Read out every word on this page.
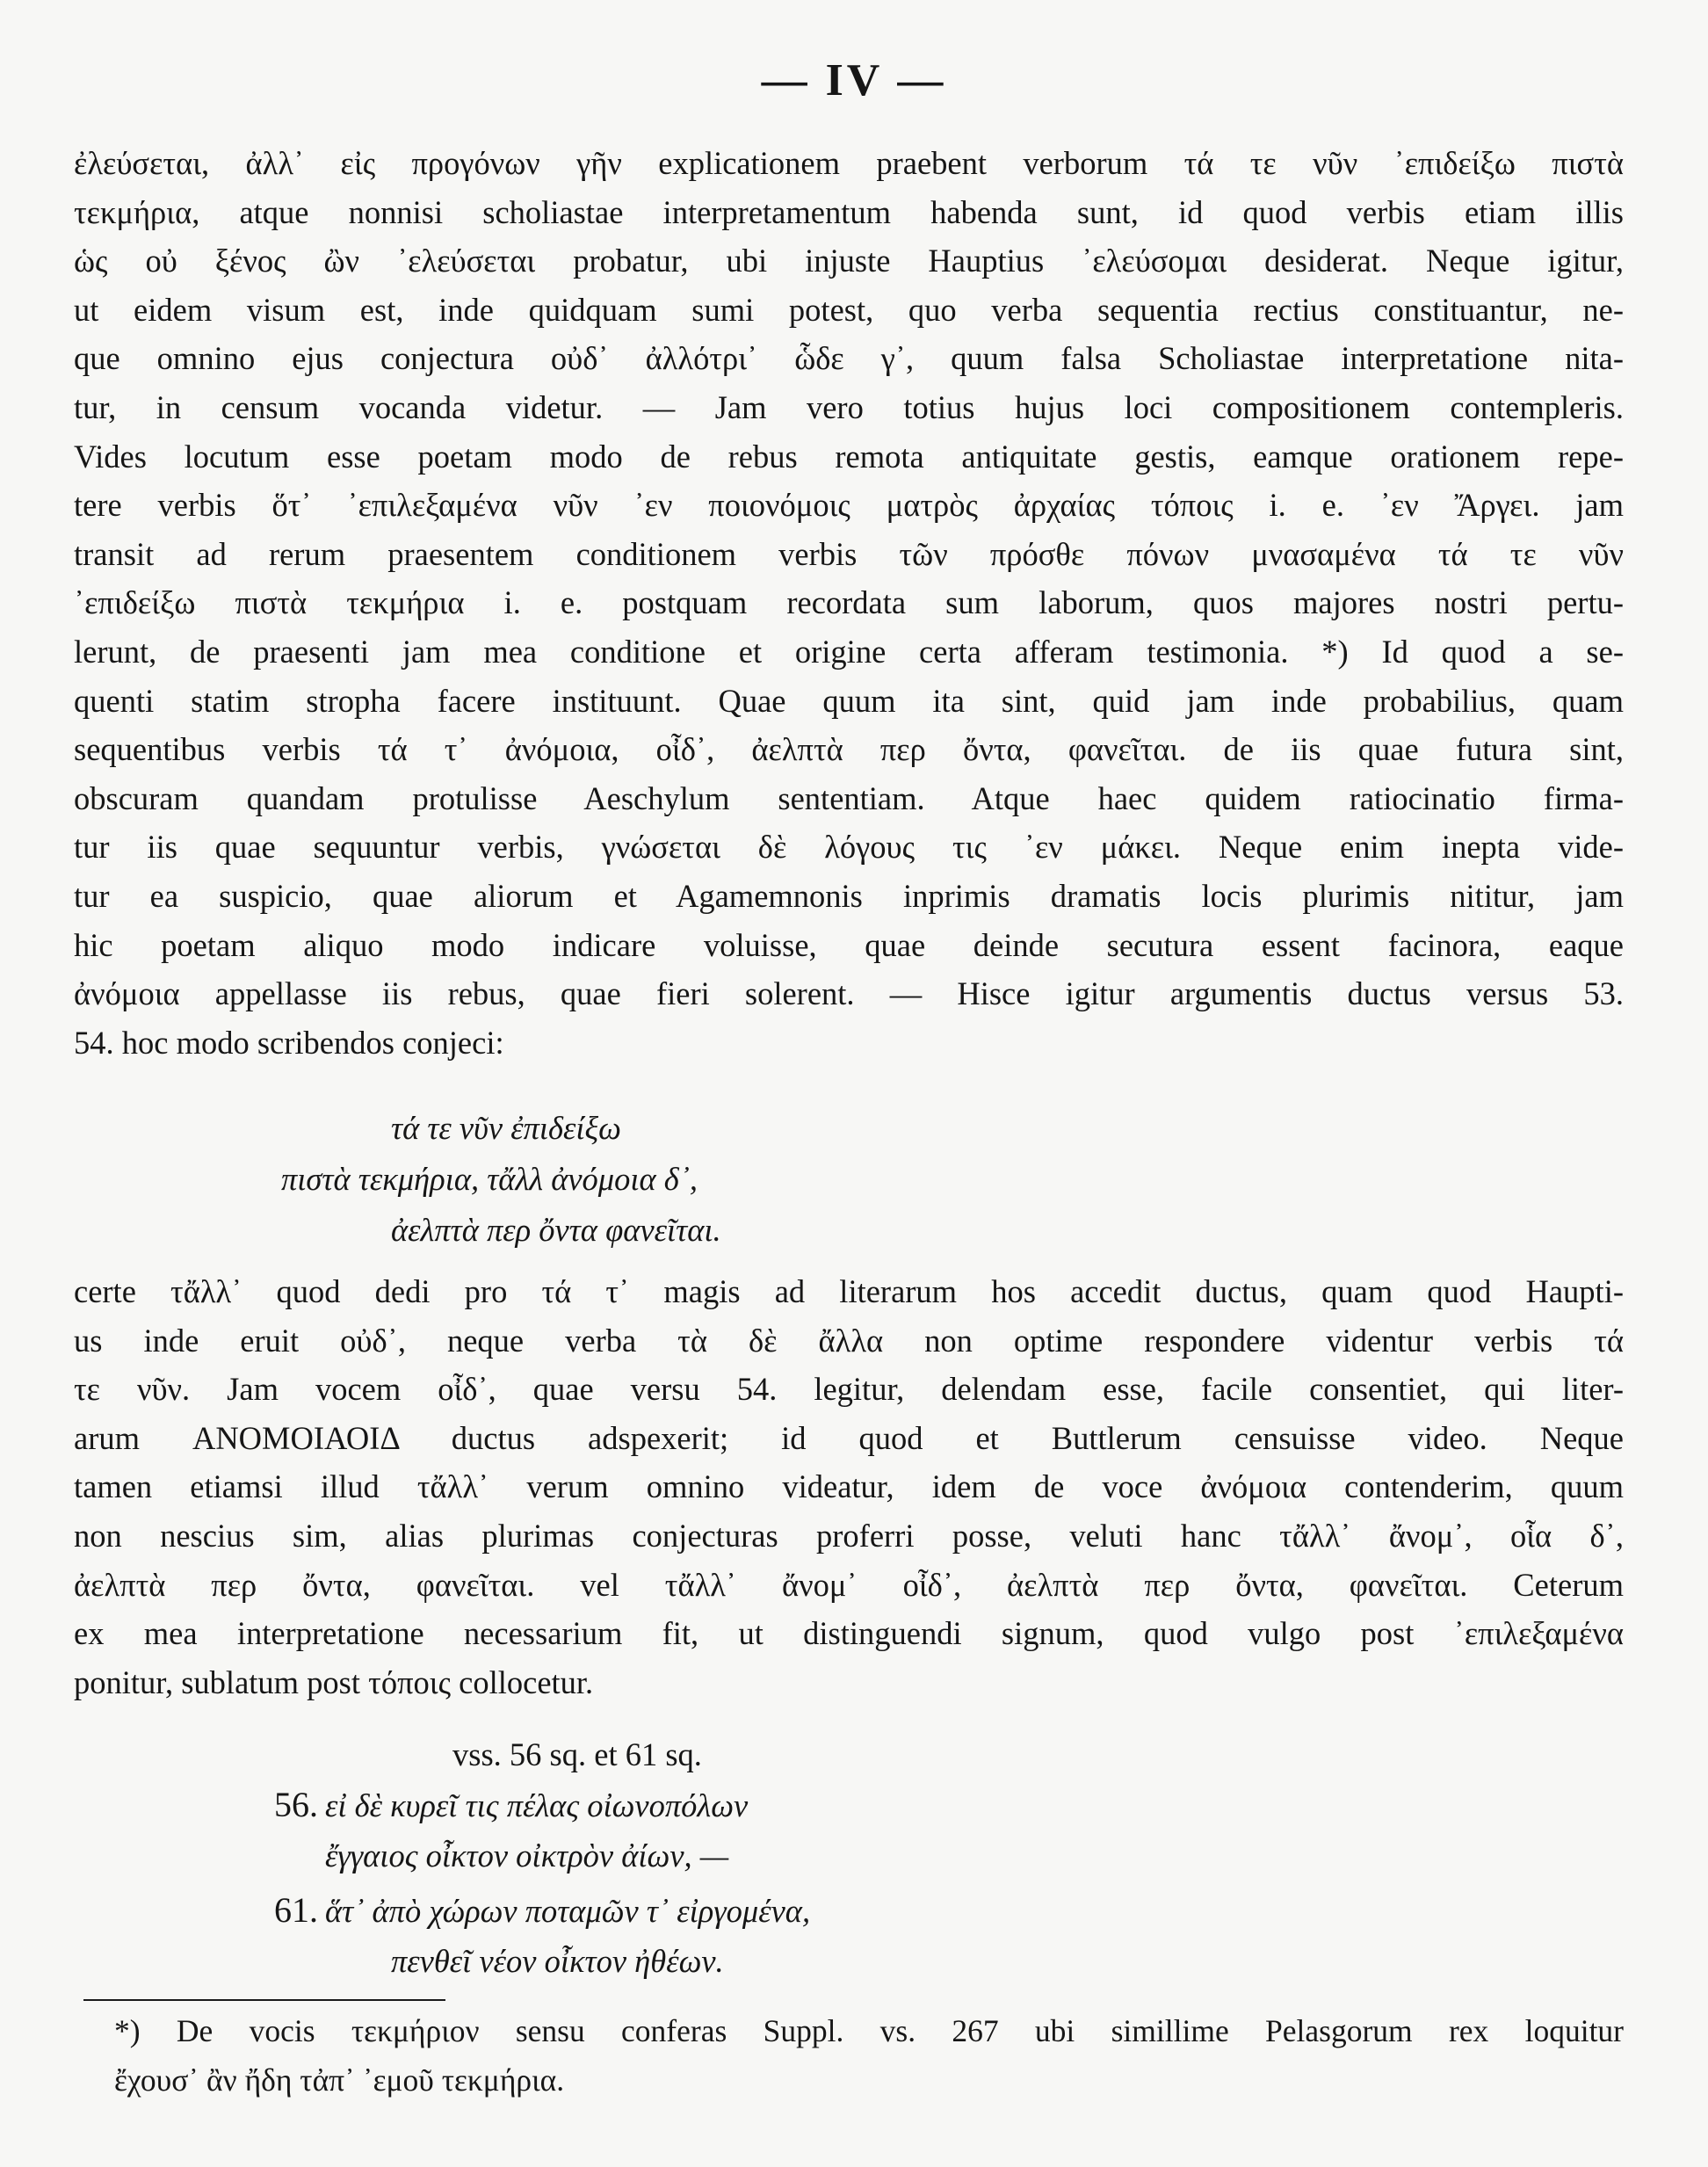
— IV —
ἐλεύσεται, ἀλλ᾽ εἰς προγόνων γῆν explicationem praebent verborum τά τε νῦν ᾽επιδείξω πιστὰ
τεκμήρια, atque nonnisi scholiastae interpretamentum habenda sunt, id quod verbis etiam illis
ὡς οὐ ξένος ὢν ᾽ελεύσεται probatur, ubi injuste Hauptius ᾽ελεύσομαι desiderat. Neque igitur,
ut eidem visum est, inde quidquam sumi potest, quo verba sequentia rectius constituantur, ne-
que omnino ejus conjectura οὐδ᾽ ἀλλότρι᾽ ὧδε γ᾽, quum falsa Scholiastae interpretatione nita-
tur, in censum vocanda videtur. — Jam vero totius hujus loci compositionem contempleris.
Vides locutum esse poetam modo de rebus remota antiquitate gestis, eamque orationem repe-
tere verbis ὅτ᾽ ᾽επιλεξαμένα νῦν ᾽εν ποιονόμοις ματρὸς ἀρχαίας τόποις i. e. ᾽εν Ἄργει. jam
transit ad rerum praesentem conditionem verbis τῶν πρόσθε πόνων μνασαμένα τά τε νῦν
᾽επιδείξω πιστὰ τεκμήρια i. e. postquam recordata sum laborum, quos majores nostri pertu-
lerunt, de praesenti jam mea conditione et origine certa afferam testimonia. *) Id quod a se-
quenti statim stropha facere instituunt. Quae quum ita sint, quid jam inde probabilius, quam
sequentibus verbis τά τ᾽ ἀνόμοια, οἶδ᾽, ἀελπτὰ περ ὄντα, φανεῖται. de iis quae futura sint,
obscuram quandam protulisse Aeschylum sententiam. Atque haec quidem ratiocinatio firma-
tur iis quae sequuntur verbis, γνώσεται δὲ λόγους τις ᾽εν μάκει. Neque enim inepta vide-
tur ea suspicio, quae aliorum et Agamemnonis inprimis dramatis locis plurimis nititur, jam
hic poetam aliquo modo indicare voluisse, quae deinde secutura essent facinora, eaque
ἀνόμοια appellasse iis rebus, quae fieri solerent. — Hisce igitur argumentis ductus versus 53.
54. hoc modo scribendos conjeci:
τά τε νῦν ἐπιδείξω
πιστὰ τεκμήρια, τἄλλ ἀνόμοια δ᾽,
ἀελπτὰ περ ὄντα φανεῖται.
certe τἄλλ᾽ quod dedi pro τά τ᾽ magis ad literarum hos accedit ductus, quam quod Haupti-
us inde eruit οὐδ᾽, neque verba τὰ δὲ ἄλλα non optime respondere videntur verbis τά
τε νῦν. Jam vocem οἶδ᾽, quae versu 54. legitur, delendam esse, facile consentiet, qui liter-
arum ΑΝΟΜΟΙΑΟΙΔ ductus adspexerit; id quod et Buttlerum censuisse video. Neque
tamen etiamsi illud τἄλλ᾽ verum omnino videatur, idem de voce ἀνόμοια contenderim, quum
non nescius sim, alias plurimas conjecturas proferri posse, veluti hanc τἄλλ᾽ ἄνομ᾽, οἷα δ᾽,
ἀελπτὰ περ ὄντα, φανεῖται. vel τἄλλ᾽ ἄνομ᾽ οἶδ᾽, ἀελπτὰ περ ὄντα, φανεῖται. Ceterum
ex mea interpretatione necessarium fit, ut distinguendi signum, quod vulgo post ᾽επιλεξαμένα
ponitur, sublatum post τόποις collocetur.
vss. 56 sq. et 61 sq.
56. εἰ δὲ κυρεῖ τις πέλας οἰωνοπόλων
ἔγγαιος οἶκτον οἰκτρὸν ἀίων, —
61. ἅτ᾽ ἀπὸ χώρων ποταμῶν τ᾽ εἰργομένα,
πενθεῖ νέον οἶκτον ἠθέων.
*) De vocis τεκμήριον sensu conferas Suppl. vs. 267 ubi simillime Pelasgorum rex loquitur
ἔχουσ᾽ ἂν ἤδη τἀπ᾽ ᾽εμοῦ τεκμήρια.
